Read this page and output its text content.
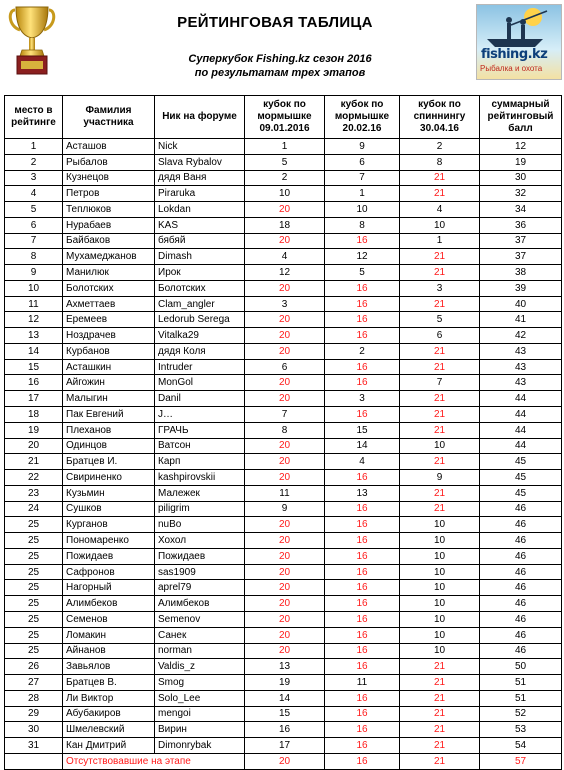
РЕЙТИНГОВАЯ ТАБЛИЦА
Суперкубок Fishing.kz сезон 2016
по результатам трех этапов
fishing.kz
Рыбалка и охота
место в рейтинге	Фамилия участника	Ник на форуме	кубок по мормышке 09.01.2016	кубок по мормышке 20.02.16	кубок по спиннингу 30.04.16	суммарный рейтинговый балл
1	Асташов	Nick	1	9	2	12
2	Рыбалов	Slava Rybalov	5	6	8	19
3	Кузнецов	дядя Ваня	2	7	21	30
4	Петров	Piraruka	10	1	21	32
5	Теплюков	Lokdan	20	10	4	34
6	Нурабаев	KAS	18	8	10	36
7	Байбаков	бябяй	20	16	1	37
8	Мухамеджанов	Dimash	4	12	21	37
9	Манилюк	Ирок	12	5	21	38
10	Болотских	Болотских	20	16	3	39
11	Ахметтаев	Clam_angler	3	16	21	40
12	Еремеев	Ledorub Serega	20	16	5	41
13	Ноздрачев	Vitalka29	20	16	6	42
14	Курбанов	дядя Коля	20	2	21	43
15	Асташкин	Intruder	6	16	21	43
16	Айгожин	MonGol	20	16	7	43
17	Малыгин	Danil	20	3	21	44
18	Пак Евгений	J…	7	16	21	44
19	Плеханов	ГРАЧЬ	8	15	21	44
20	Одинцов	Ватсон	20	14	10	44
21	Братцев И.	Карп	20	4	21	45
22	Свириненко	kashpirovskii	20	16	9	45
23	Кузьмин	Малежек	11	13	21	45
24	Сушков	piligrim	9	16	21	46
25	Курганов	nuBo	20	16	10	46
25	Пономаренко	Хохол	20	16	10	46
25	Пожидаев	Пожидаев	20	16	10	46
25	Сафронов	sas1909	20	16	10	46
25	Нагорный	aprel79	20	16	10	46
25	Алимбеков	Алимбеков	20	16	10	46
25	Семенов	Semenov	20	16	10	46
25	Ломакин	Санек	20	16	10	46
25	Айнанов	norman	20	16	10	46
26	Завьялов	Valdis_z	13	16	21	50
27	Братцев В.	Smog	19	11	21	51
28	Ли Виктор	Solo_Lee	14	16	21	51
29	Абубакиров	mengoi	15	16	21	52
30	Шмелевский	Вирин	16	16	21	53
31	Кан Дмитрий	Dimonrybak	17	16	21	54
	Отсутствовавшие на этапе		20	16	21	57
